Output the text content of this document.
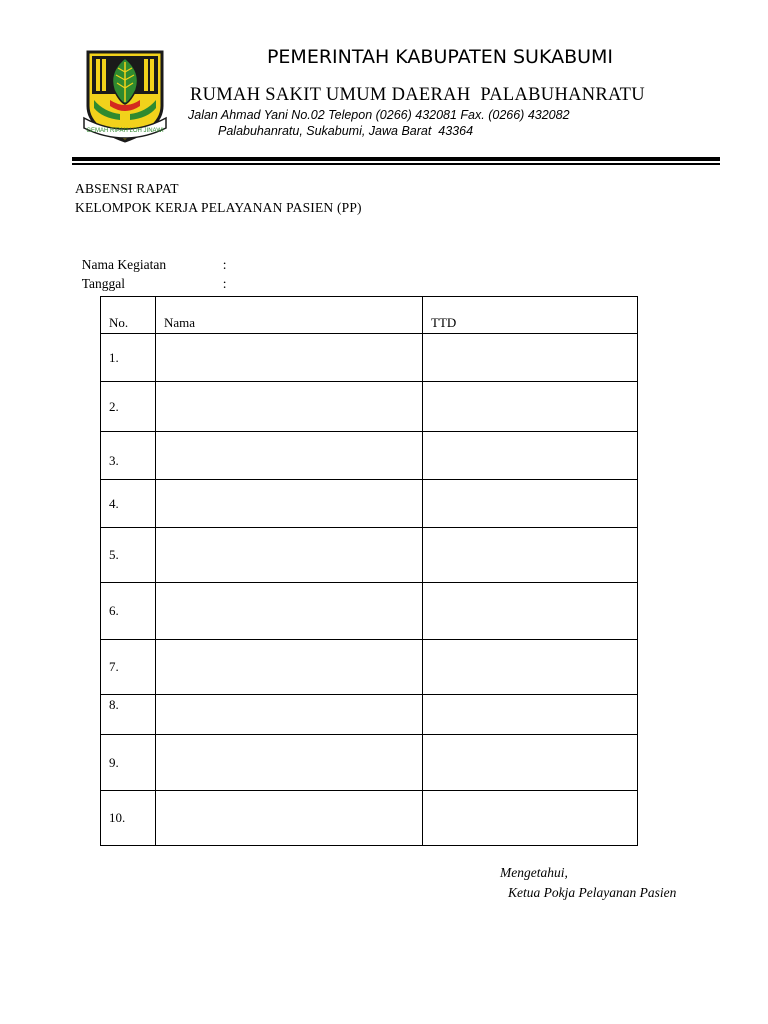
GEMAH RIPAH LOH JINAWI
PEMERINTAH KABUPATEN SUKABUMI
RUMAH SAKIT UMUM DAERAH  PALABUHANRATU
Jalan Ahmad Yani No.02 Telepon (0266) 432081 Fax. (0266) 432082
Palabuhanratu, Sukabumi, Jawa Barat  43364
ABSENSI RAPAT
KELOMPOK KERJA PELAYANAN PASIEN (PP)

Nama Kegiatan	:

Tanggal	:

No.	Nama	TTD
1.		
2.		
3.		
4.		
5.		
6.		
7.		
8.		
9.		
10.		
Mengetahui,
Ketua Pokja Pelayanan Pasien
